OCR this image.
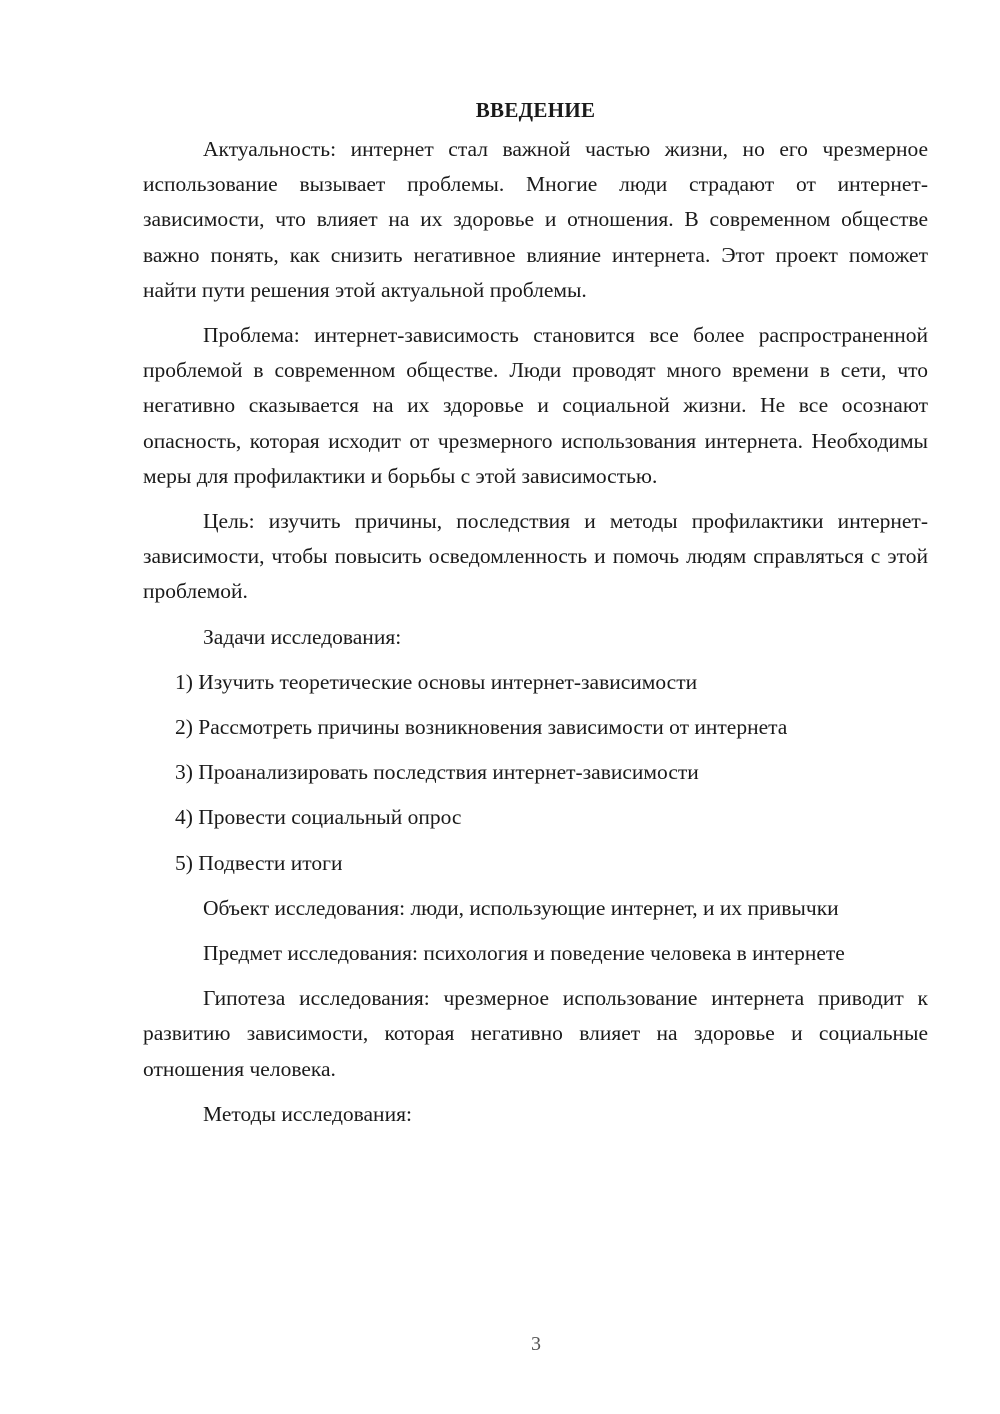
ВВЕДЕНИЕ

Актуальность: интернет стал важной частью жизни, но его чрезмерное использование вызывает проблемы. Многие люди страдают от интернет-зависимости, что влияет на их здоровье и отношения. В современном обществе важно понять, как снизить негативное влияние интернета. Этот проект поможет найти пути решения этой актуальной проблемы.

Проблема: интернет-зависимость становится все более распространенной проблемой в современном обществе. Люди проводят много времени в сети, что негативно сказывается на их здоровье и социальной жизни. Не все осознают опасность, которая исходит от чрезмерного использования интернета. Необходимы меры для профилактики и борьбы с этой зависимостью.

Цель: изучить причины, последствия и методы профилактики интернет-зависимости, чтобы повысить осведомленность и помочь людям справляться с этой проблемой.

Задачи исследования:

1) Изучить теоретические основы интернет-зависимости
2) Рассмотреть причины возникновения зависимости от интернета
3) Проанализировать последствия интернет-зависимости
4) Провести социальный опрос
5) Подвести итоги

Объект исследования: люди, использующие интернет, и их привычки

Предмет исследования: психология и поведение человека в интернете

Гипотеза исследования: чрезмерное использование интернета приводит к развитию зависимости, которая негативно влияет на здоровье и социальные отношения человека.

Методы исследования:

3
